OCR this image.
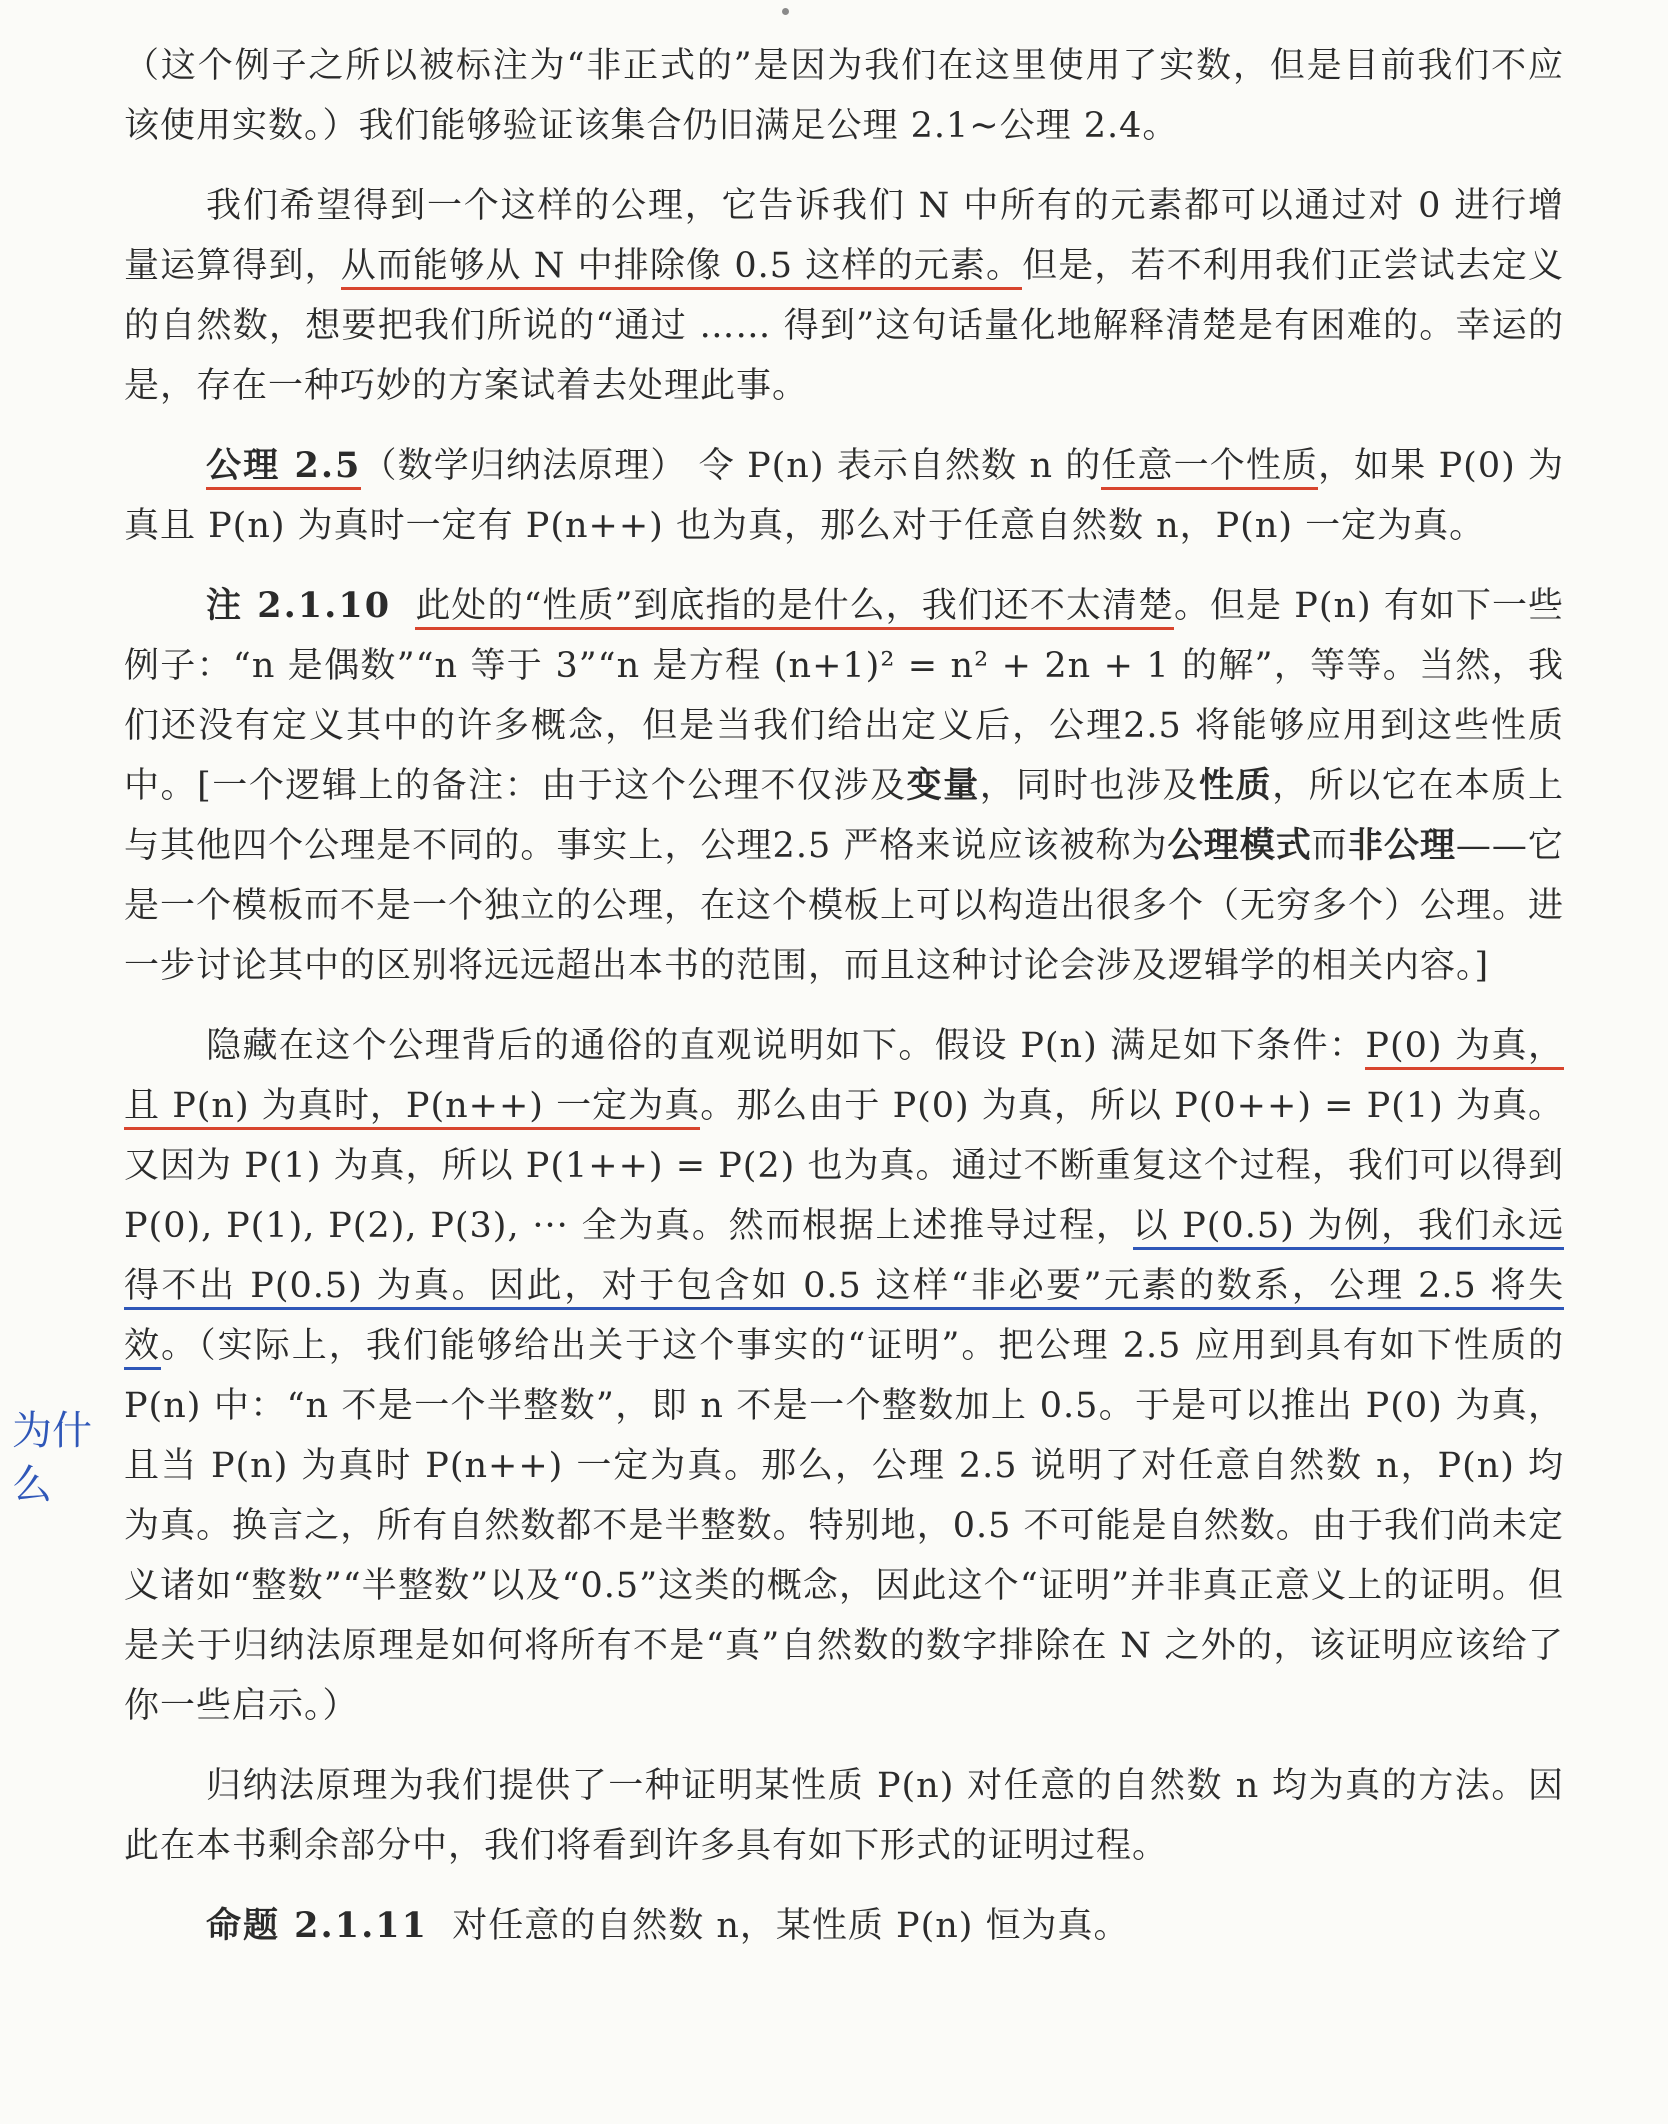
为什么

（这个例子之所以被标注为“非正式的”是因为我们在这里使用了实数，但是目前我们不应该使用实数。）我们能够验证该集合仍旧满足公理 2.1~公理 2.4。

我们希望得到一个这样的公理，它告诉我们 N 中所有的元素都可以通过对 0 进行增量运算得到，从而能够从 N 中排除像 0.5 这样的元素。但是，若不利用我们正尝试去定义的自然数，想要把我们所说的“通过 …… 得到”这句话量化地解释清楚是有困难的。幸运的是，存在一种巧妙的方案试着去处理此事。

公理 2.5（数学归纳法原理） 令 P(n) 表示自然数 n 的任意一个性质，如果 P(0) 为真且 P(n) 为真时一定有 P(n++) 也为真，那么对于任意自然数 n，P(n) 一定为真。

注 2.1.10 此处的“性质”到底指的是什么，我们还不太清楚。但是 P(n) 有如下一些例子：“n 是偶数”“n 等于 3”“n 是方程 (n+1)² = n² + 2n + 1 的解”，等等。当然，我们还没有定义其中的许多概念，但是当我们给出定义后，公理2.5 将能够应用到这些性质中。[一个逻辑上的备注：由于这个公理不仅涉及变量，同时也涉及性质，所以它在本质上与其他四个公理是不同的。事实上，公理2.5 严格来说应该被称为公理模式而非公理——它是一个模板而不是一个独立的公理，在这个模板上可以构造出很多个（无穷多个）公理。进一步讨论其中的区别将远远超出本书的范围，而且这种讨论会涉及逻辑学的相关内容。]

隐藏在这个公理背后的通俗的直观说明如下。假设 P(n) 满足如下条件：P(0) 为真，且 P(n) 为真时，P(n++) 一定为真。那么由于 P(0) 为真，所以 P(0++) = P(1) 为真。又因为 P(1) 为真，所以 P(1++) = P(2) 也为真。通过不断重复这个过程，我们可以得到 P(0), P(1), P(2), P(3), ··· 全为真。然而根据上述推导过程，以 P(0.5) 为例，我们永远得不出 P(0.5) 为真。因此，对于包含如 0.5 这样“非必要”元素的数系，公理 2.5 将失效。（实际上，我们能够给出关于这个事实的“证明”。把公理 2.5 应用到具有如下性质的 P(n) 中：“n 不是一个半整数”，即 n 不是一个整数加上 0.5。于是可以推出 P(0) 为真，且当 P(n) 为真时 P(n++) 一定为真。那么，公理 2.5 说明了对任意自然数 n，P(n) 均为真。换言之，所有自然数都不是半整数。特别地，0.5 不可能是自然数。由于我们尚未定义诸如“整数”“半整数”以及“0.5”这类的概念，因此这个“证明”并非真正意义上的证明。但是关于归纳法原理是如何将所有不是“真”自然数的数字排除在 N 之外的，该证明应该给了你一些启示。）

归纳法原理为我们提供了一种证明某性质 P(n) 对任意的自然数 n 均为真的方法。因此在本书剩余部分中，我们将看到许多具有如下形式的证明过程。

命题 2.1.11 对任意的自然数 n，某性质 P(n) 恒为真。
